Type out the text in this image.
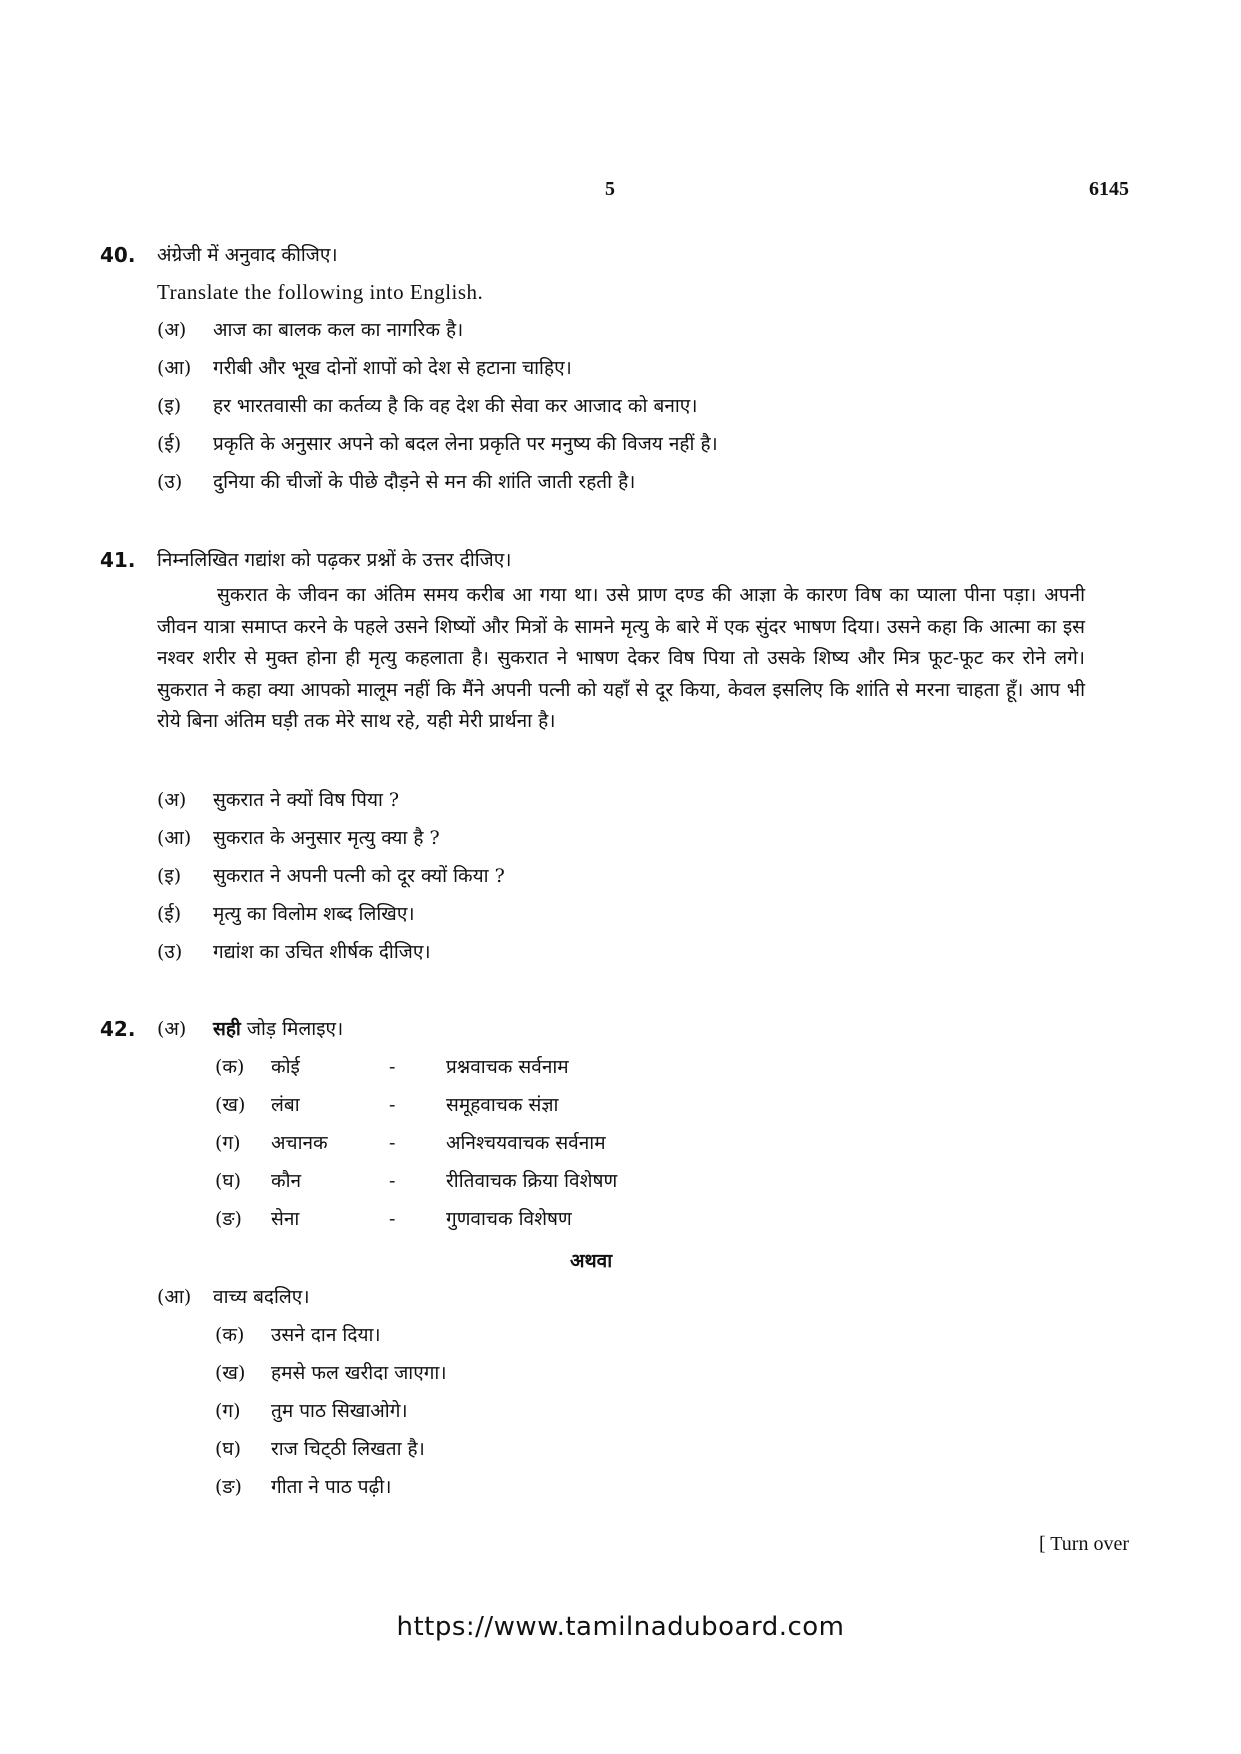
5	6145
40. अंग्रेजी में अनुवाद कीजिए।
Translate the following into English.
(अ) आज का बालक कल का नागरिक है।
(आ) गरीबी और भूख दोनों शापों को देश से हटाना चाहिए।
(इ) हर भारतवासी का कर्तव्य है कि वह देश की सेवा कर आजाद को बनाए।
(ई) प्रकृति के अनुसार अपने को बदल लेना प्रकृति पर मनुष्य की विजय नहीं है।
(उ) दुनिया की चीजों के पीछे दौड़ने से मन की शांति जाती रहती है।
41. निम्नलिखित गद्यांश को पढ़कर प्रश्नों के उत्तर दीजिए।
सुकरात के जीवन का अंतिम समय करीब आ गया था। उसे प्राण दण्ड की आज्ञा के कारण विष का प्याला पीना पड़ा। अपनी जीवन यात्रा समाप्त करने के पहले उसने शिष्यों और मित्रों के सामने मृत्यु के बारे में एक सुंदर भाषण दिया। उसने कहा कि आत्मा का इस नश्वर शरीर से मुक्त होना ही मृत्यु कहलाता है। सुकरात ने भाषण देकर विष पिया तो उसके शिष्य और मित्र फूट-फूट कर रोने लगे। सुकरात ने कहा क्या आपको मालूम नहीं कि मैंने अपनी पत्नी को यहाँ से दूर किया, केवल इसलिए कि शांति से मरना चाहता हूँ। आप भी रोये बिना अंतिम घड़ी तक मेरे साथ रहे, यही मेरी प्रार्थना है।
(अ) सुकरात ने क्यों विष पिया ?
(आ) सुकरात के अनुसार मृत्यु क्या है ?
(इ) सुकरात ने अपनी पत्नी को दूर क्यों किया ?
(ई) मृत्यु का विलोम शब्द लिखिए।
(उ) गद्यांश का उचित शीर्षक दीजिए।
42. (अ) सही जोड़ मिलाइए।
(क) कोई	-	प्रश्नवाचक सर्वनाम
(ख) लंबा	-	समूहवाचक संज्ञा
(ग) अचानक	-	अनिश्चयवाचक सर्वनाम
(घ) कौन	-	रीतिवाचक क्रिया विशेषण
(ङ) सेना	-	गुणवाचक विशेषण
अथवा
(आ) वाच्य बदलिए।
(क) उसने दान दिया।
(ख) हमसे फल खरीदा जाएगा।
(ग) तुम पाठ सिखाओगे।
(घ) राज चिट्‌ठी लिखता है।
(ङ) गीता ने पाठ पढ़ी।
[ Turn over
https://www.tamilnaduboard.com
